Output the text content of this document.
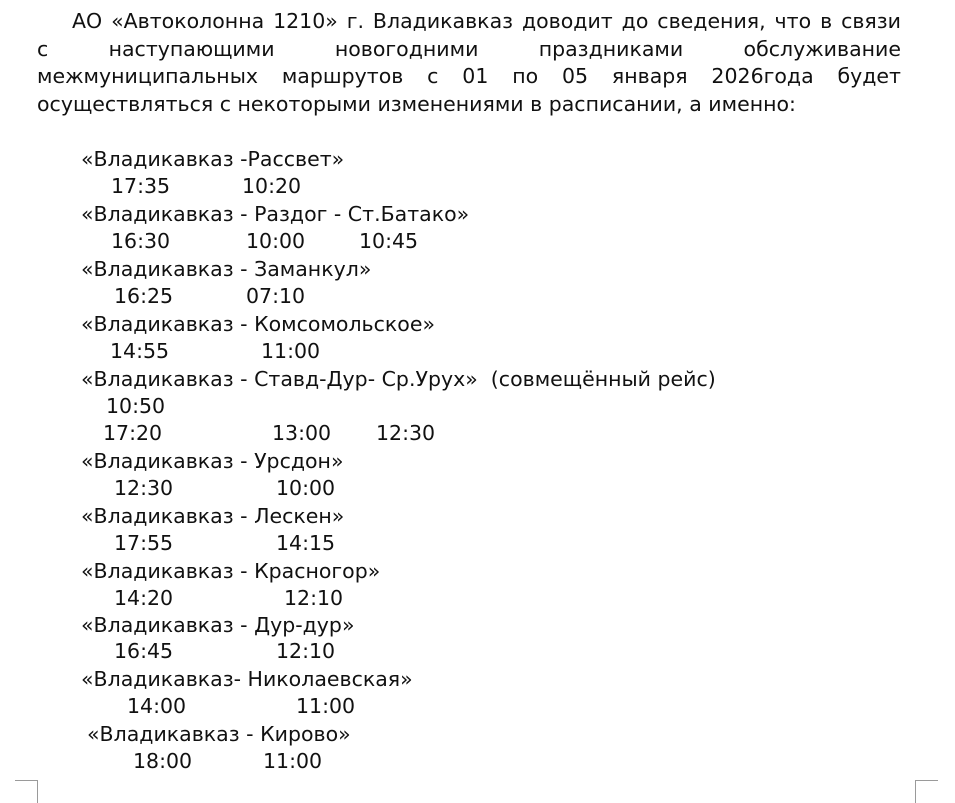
АО «Автоколонна 1210» г. Владикавказ доводит до сведения, что в связи
с наступающими новогодними праздниками обслуживание
межмуниципальных маршрутов с 01 по 05 января 2026года будет
осуществляться с некоторыми изменениями в расписании, а именно:
«Владикавказ -Рассвет»
17:35	10:20
«Владикавказ - Раздог - Ст.Батако»
16:30	10:00	10:45
«Владикавказ - Заманкул»
16:25	07:10
«Владикавказ - Комсомольское»
14:55	11:00
«Владикавказ - Ставд-Дур- Ср.Урух»  (совмещённый рейс)
10:50
17:20	13:00 12:30
«Владикавказ - Урсдон»
12:30	10:00
«Владикавказ - Лескен»
17:55	14:15
«Владикавказ - Красногор»
14:20	12:10
«Владикавказ - Дур-дур»
16:45	12:10
«Владикавказ- Николаевская»
14:00	11:00
«Владикавказ - Кирово»
18:00	11:00
